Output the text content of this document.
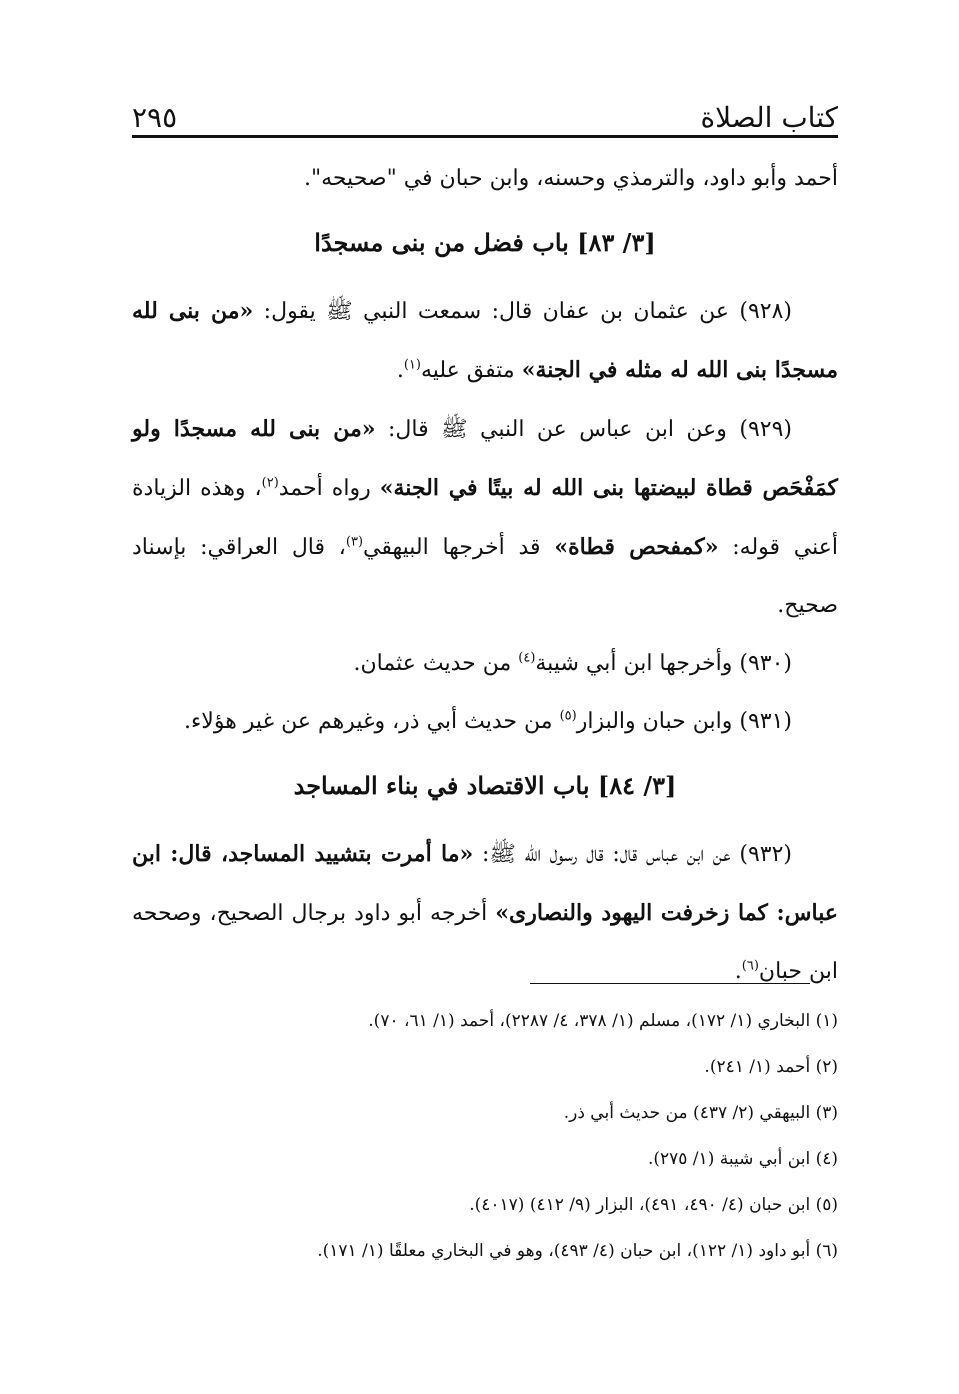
كتاب الصلاة
٢٩٥

أحمد وأبو داود، والترمذي وحسنه، وابن حبان في "صحيحه".

[٣/ ٨٣] باب فضل من بنى مسجدًا

(٩٢٨) عن عثمان بن عفان قال: سمعت النبي ﷺ يقول: «من بنى لله مسجدًا بنى الله له مثله في الجنة» متفق عليه$^{(١)}$.

(٩٢٩) وعن ابن عباس عن النبي ﷺ قال: «من بنى لله مسجدًا ولو كمَفْحَص قطاة لبيضتها بنى الله له بيتًا في الجنة» رواه أحمد$^{(٢)}$، وهذه الزيادة أعني قوله: «كمفحص قطاة» قد أخرجها البيهقي$^{(٣)}$، قال العراقي: بإسناد صحيح.

(٩٣٠) وأخرجها ابن أبي شيبة$^{(٤)}$ من حديث عثمان.

(٩٣١) وابن حبان والبزار$^{(٥)}$ من حديث أبي ذر، وغيرهم عن غير هؤلاء.

[٣/ ٨٤] باب الاقتصاد في بناء المساجد

(٩٣٢) عن ابن عباس قال: قال رسول الله ﷺ: «ما أمرت بتشييد المساجد، قال: ابن عباس: كما زخرفت اليهود والنصارى» أخرجه أبو داود برجال الصحيح، وصححه ابن حبان$^{(٦)}$.

(١) البخاري (١/ ١٧٢)، مسلم (١/ ٣٧٨، ٤/ ٢٢٨٧)، أحمد (١/ ٦١، ٧٠).

(٢) أحمد (١/ ٢٤١).

(٣) البيهقي (٢/ ٤٣٧) من حديث أبي ذر.

(٤) ابن أبي شيبة (١/ ٢٧٥).

(٥) ابن حبان (٤/ ٤٩٠، ٤٩١)، البزار (٩/ ٤١٢) (٤٠١٧).

(٦) أبو داود (١/ ١٢٢)، ابن حبان (٤/ ٤٩٣)، وهو في البخاري معلقًا (١/ ١٧١).
